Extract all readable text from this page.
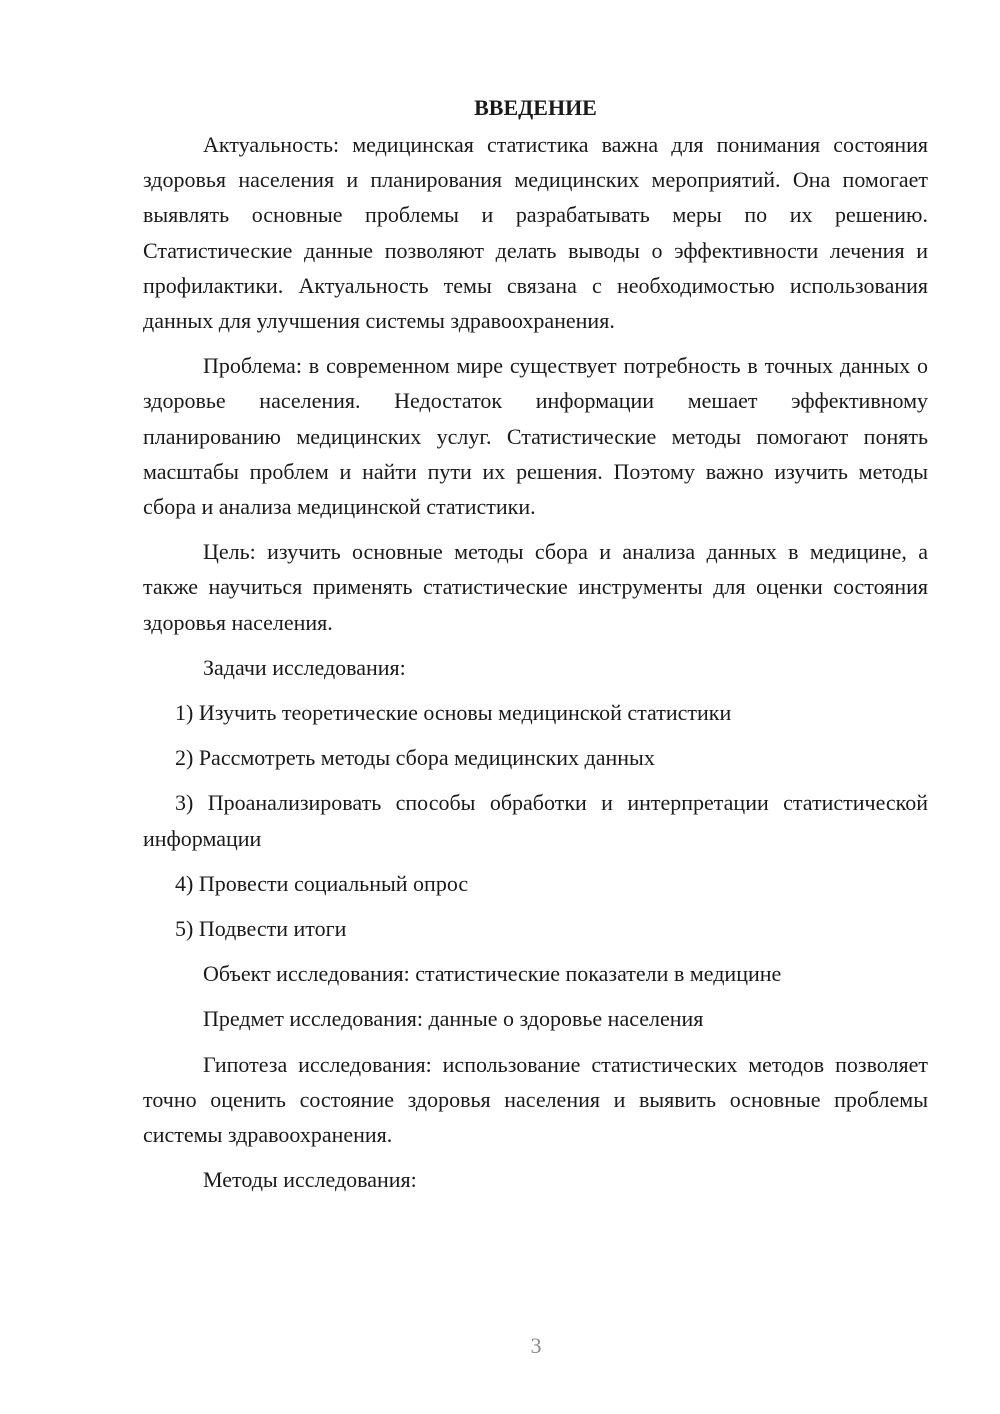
ВВЕДЕНИЕ

Актуальность: медицинская статистика важна для понимания состояния здоровья населения и планирования медицинских мероприятий. Она помогает выявлять основные проблемы и разрабатывать меры по их решению. Статистические данные позволяют делать выводы о эффективности лечения и профилактики. Актуальность темы связана с необходимостью использования данных для улучшения системы здравоохранения.

Проблема: в современном мире существует потребность в точных данных о здоровье населения. Недостаток информации мешает эффективному планированию медицинских услуг. Статистические методы помогают понять масштабы проблем и найти пути их решения. Поэтому важно изучить методы сбора и анализа медицинской статистики.

Цель: изучить основные методы сбора и анализа данных в медицине, а также научиться применять статистические инструменты для оценки состояния здоровья населения.

Задачи исследования:

1) Изучить теоретические основы медицинской статистики

2) Рассмотреть методы сбора медицинских данных

3) Проанализировать способы обработки и интерпретации статистической информации

4) Провести социальный опрос

5) Подвести итоги

Объект исследования: статистические показатели в медицине

Предмет исследования: данные о здоровье населения

Гипотеза исследования: использование статистических методов позволяет точно оценить состояние здоровья населения и выявить основные проблемы системы здравоохранения.

Методы исследования:

3
